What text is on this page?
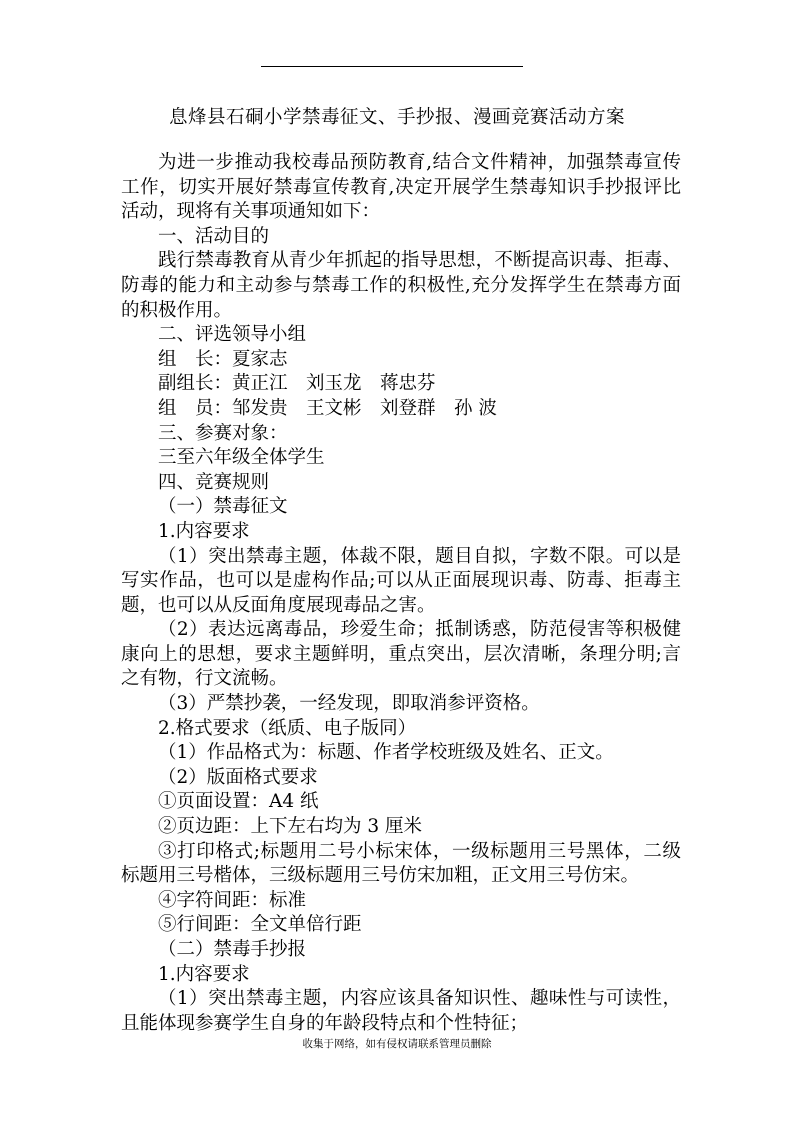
息烽县石硐小学禁毒征文、手抄报、漫画竞赛活动方案
为进一步推动我校毒品预防教育,结合文件精神，加强禁毒宣传
工作，切实开展好禁毒宣传教育,决定开展学生禁毒知识手抄报评比
活动，现将有关事项通知如下：
一、活动目的
践行禁毒教育从青少年抓起的指导思想，不断提高识毒、拒毒、
防毒的能力和主动参与禁毒工作的积极性,充分发挥学生在禁毒方面
的积极作用。
二、评选领导小组
组　长：夏家志
副组长：黄正江　刘玉龙　蒋忠芬
组　员：邹发贵　王文彬　刘登群　孙 波
三、参赛对象：
三至六年级全体学生
四、竞赛规则
（一）禁毒征文
1.内容要求
（1）突出禁毒主题，体裁不限，题目自拟，字数不限。可以是
写实作品，也可以是虚构作品;可以从正面展现识毒、防毒、拒毒主
题，也可以从反面角度展现毒品之害。
（2）表达远离毒品，珍爱生命；抵制诱惑，防范侵害等积极健
康向上的思想，要求主题鲜明，重点突出，层次清晰，条理分明;言
之有物，行文流畅。
（3）严禁抄袭，一经发现，即取消参评资格。
2.格式要求（纸质、电子版同）
（1）作品格式为：标题、作者学校班级及姓名、正文。
（2）版面格式要求
①页面设置：A4 纸
②页边距：上下左右均为 3 厘米
③打印格式;标题用二号小标宋体，一级标题用三号黑体，二级
标题用三号楷体，三级标题用三号仿宋加粗，正文用三号仿宋。
④字符间距：标准
⑤行间距：全文单倍行距
（二）禁毒手抄报
1.内容要求
（1）突出禁毒主题，内容应该具备知识性、趣味性与可读性，
且能体现参赛学生自身的年龄段特点和个性特征；
收集于网络，如有侵权请联系管理员删除
